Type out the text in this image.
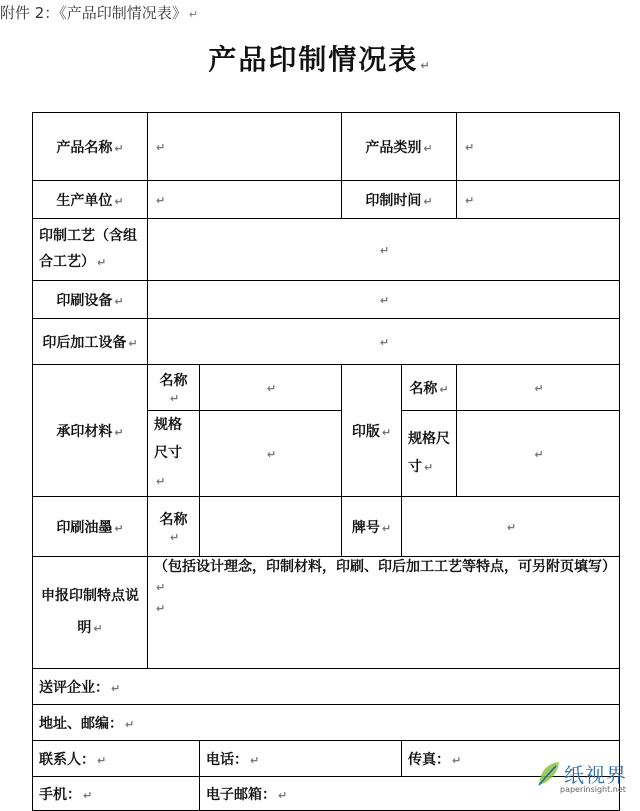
附件 2：《产品印制情况表》 ↵
产品印制情况表 ↵
产品名称 ↵	↵		产品类别 ↵		↵
生产单位 ↵	↵		印制时间 ↵		↵
印制工艺（含组合工艺） ↵	↵				
印刷设备 ↵	↵				
印后加工设备 ↵	↵				
承印材料 ↵	名称↵	↵	印版 ↵	名称 ↵	↵
	规格尺寸↵	↵		规格尺寸 ↵	↵
印刷油墨 ↵	名称↵		牌号 ↵	↵	
申报印制特点说明 ↵	（包括设计理念，印制材料，印刷、印后加工工艺等特点，可另附页填写）↵
↵				
送评企业： ↵					
地址、邮编： ↵					
联系人： ↵		电话： ↵		传真： ↵	
手机： ↵		电子邮箱： ↵			
纸视界
paperinsight.net
